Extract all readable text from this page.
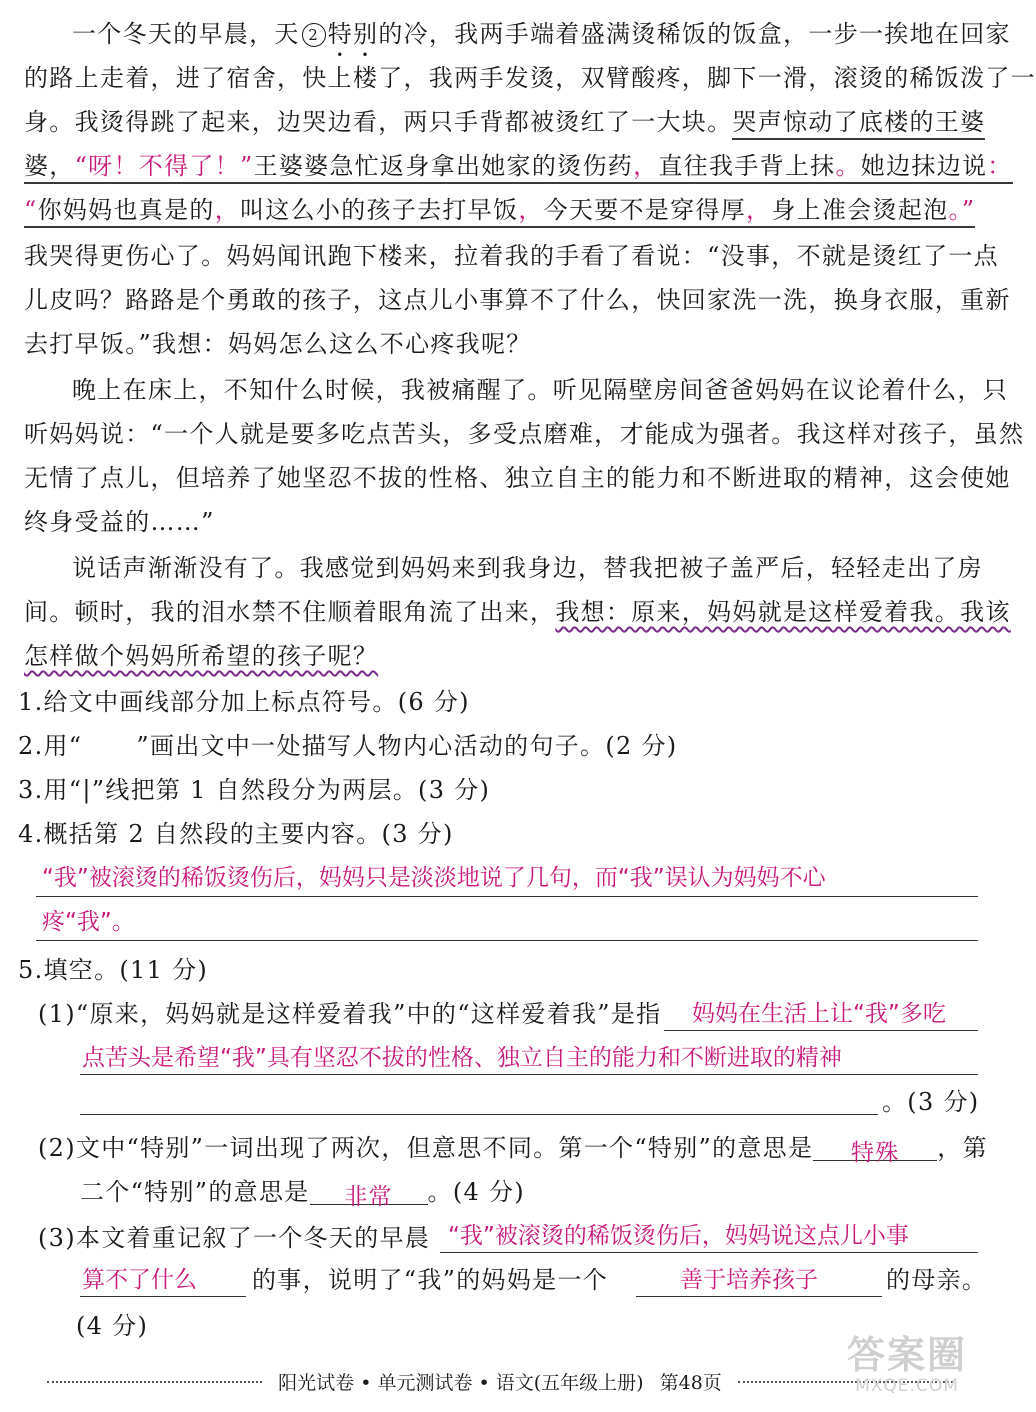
一个冬天的早晨，天 2 特别的冷，我两手端着盛满烫稀饭的饭盒，一步一挨地在回家
的路上走着，进了宿舍，快上楼了，我两手发烫，双臂酸疼，脚下一滑，滚烫的稀饭泼了一
身。我烫得跳了起来，边哭边看，两只手背都被烫红了一大块。哭声惊动了底楼的王婆
婆，“呀！不得了！”王婆婆急忙返身拿出她家的烫伤药，直往我手背上抹。她边抹边说：
“你妈妈也真是的，叫这么小的孩子去打早饭，今天要不是穿得厚，身上准会烫起泡。”
我哭得更伤心了。妈妈闻讯跑下楼来，拉着我的手看了看说：“没事，不就是烫红了一点
儿皮吗？路路是个勇敢的孩子，这点儿小事算不了什么，快回家洗一洗，换身衣服，重新
去打早饭。”我想：妈妈怎么这么不心疼我呢？
晚上在床上，不知什么时候，我被痛醒了。听见隔壁房间爸爸妈妈在议论着什么，只
听妈妈说：“一个人就是要多吃点苦头，多受点磨难，才能成为强者。我这样对孩子，虽然
无情了点儿，但培养了她坚忍不拔的性格、独立自主的能力和不断进取的精神，这会使她
终身受益的……”
说话声渐渐没有了。我感觉到妈妈来到我身边，替我把被子盖严后，轻轻走出了房
间。顿时，我的泪水禁不住顺着眼角流了出来，我想：原来，妈妈就是这样爱着我。我该
怎样做个妈妈所希望的孩子呢？
1.给文中画线部分加上标点符号。(6 分)
2.用“ ”画出文中一处描写人物内心活动的句子。(2 分)
3.用“|”线把第 1 自然段分为两层。(3 分)
4.概括第 2 自然段的主要内容。(3 分)
“我”被滚烫的稀饭烫伤后，妈妈只是淡淡地说了几句，而“我”误认为妈妈不心
疼“我”。
5.填空。(11 分)
(1)“原来，妈妈就是这样爱着我”中的“这样爱着我”是指	妈妈在生活上让“我”多吃
点苦头是希望“我”具有坚忍不拔的性格、独立自主的能力和不断进取的精神
。(3 分)
(2)文中“特别”一词出现了两次，但意思不同。第一个“特别”的意思是 特殊 ，第
二个“特别”的意思是 非常 。(4 分)
(3)本文着重记叙了一个冬天的早晨 “我”被滚烫的稀饭烫伤后，妈妈说这点儿小事
算不了什么 的事，说明了“我”的妈妈是一个	善于培养孩子	的母亲。
(4 分)
阳光试卷 • 单元测试卷 • 语文(五年级上册) 第48页
答案圈
MXQE.COM
